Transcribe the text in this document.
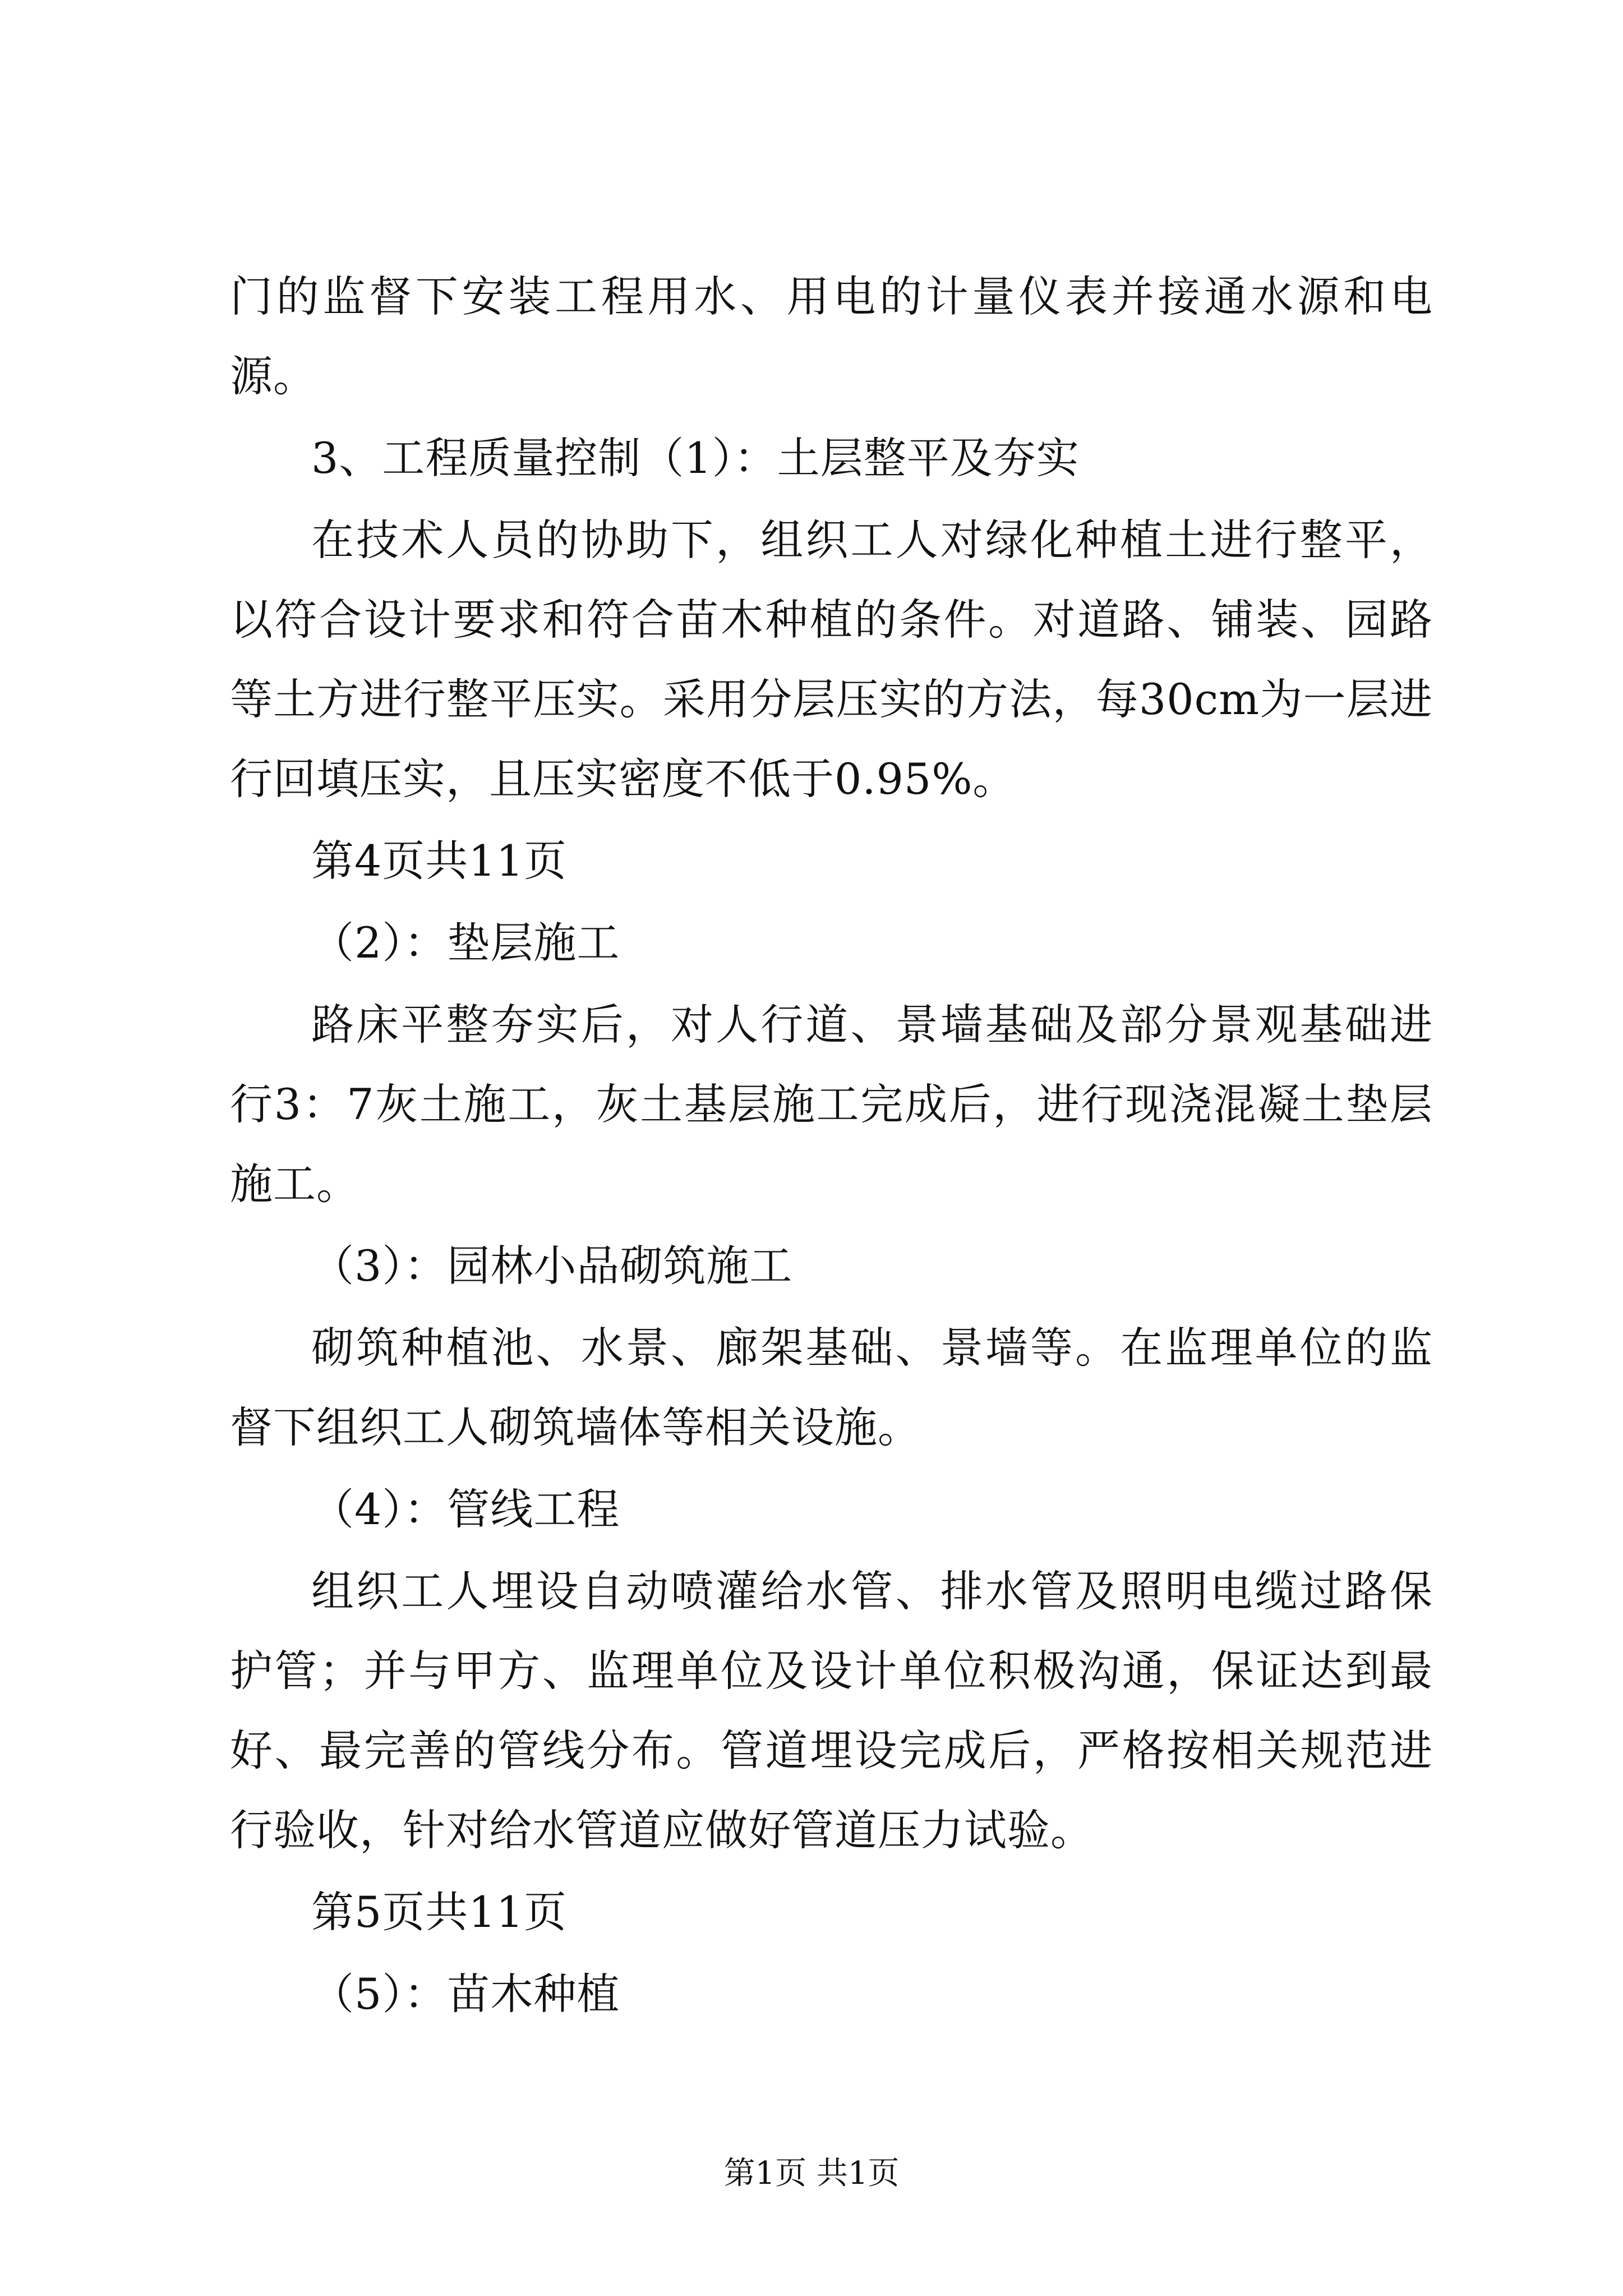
门的监督下安装工程用水、用电的计量仪表并接通水源和电源。

3、工程质量控制（1）：土层整平及夯实

在技术人员的协助下，组织工人对绿化种植土进行整平，以符合设计要求和符合苗木种植的条件。对道路、铺装、园路等土方进行整平压实。采用分层压实的方法，每30cm为一层进行回填压实，且压实密度不低于0.95%。

第4页共11页

（2）：垫层施工

路床平整夯实后，对人行道、景墙基础及部分景观基础进行3：7灰土施工，灰土基层施工完成后，进行现浇混凝土垫层施工。

（3）：园林小品砌筑施工

砌筑种植池、水景、廊架基础、景墙等。在监理单位的监督下组织工人砌筑墙体等相关设施。

（4）：管线工程

组织工人埋设自动喷灌给水管、排水管及照明电缆过路保护管；并与甲方、监理单位及设计单位积极沟通，保证达到最好、最完善的管线分布。管道埋设完成后，严格按相关规范进行验收，针对给水管道应做好管道压力试验。

第5页共11页

（5）：苗木种植

第1页 共1页
